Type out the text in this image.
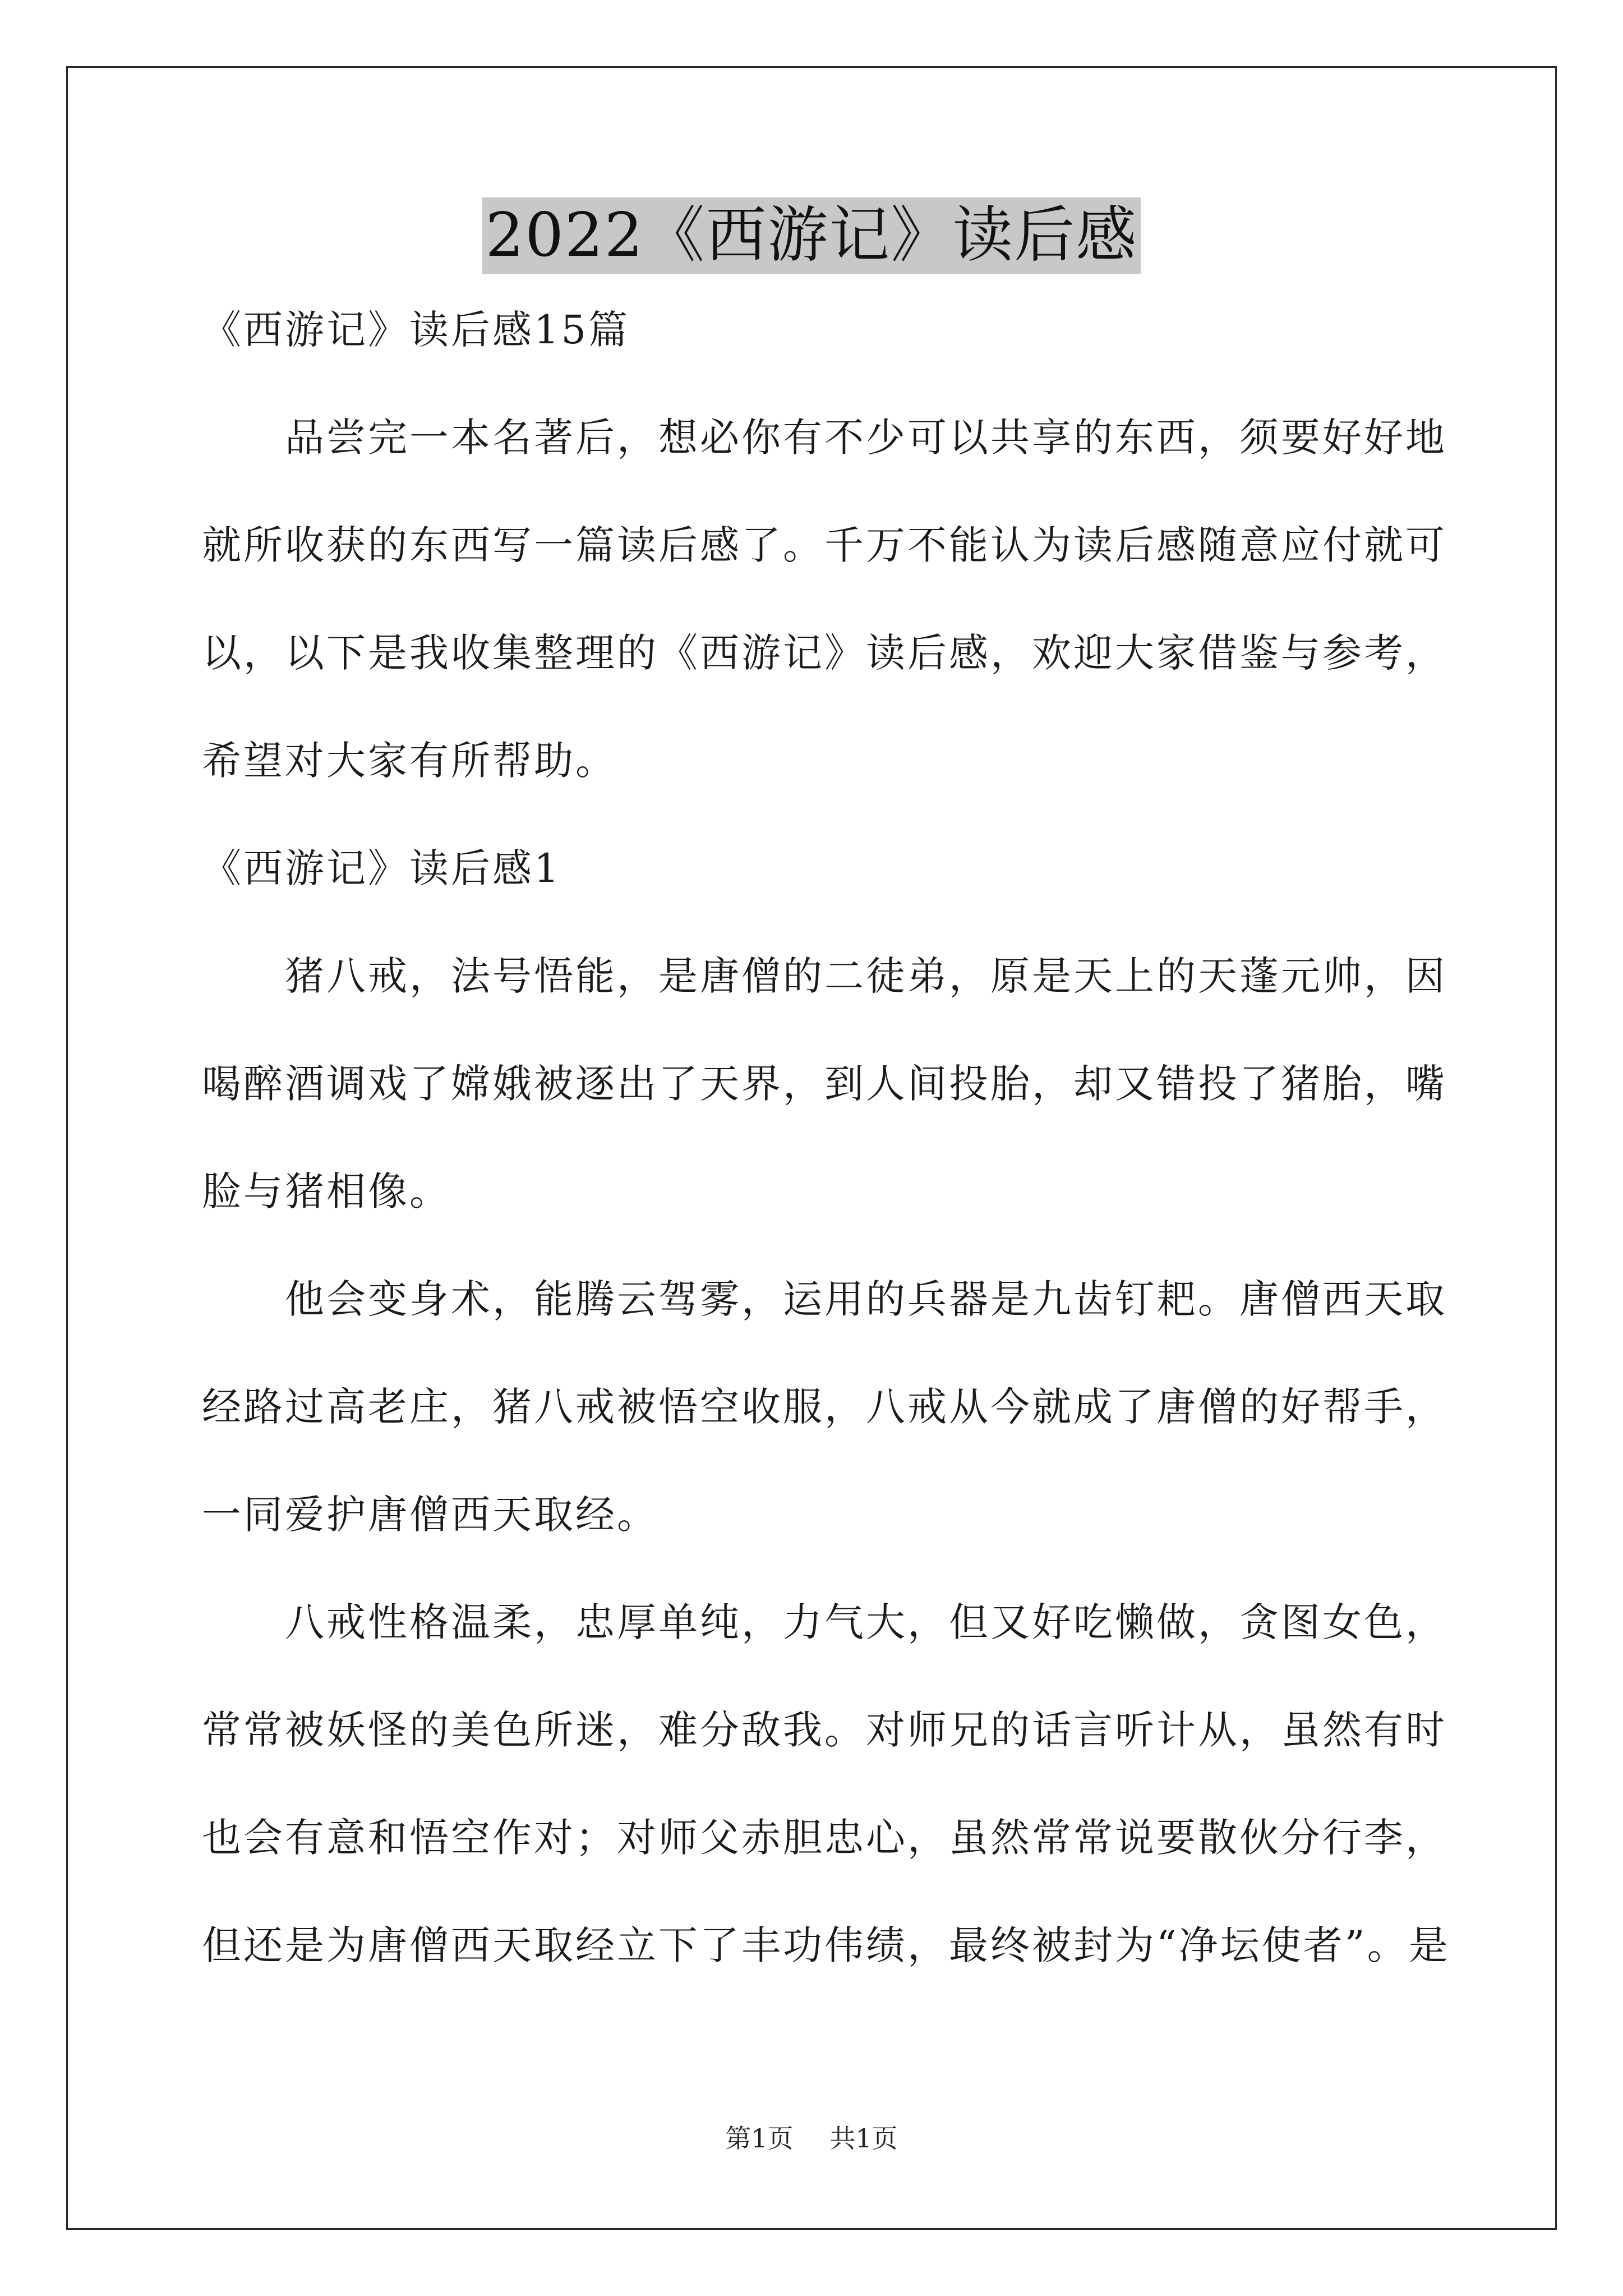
2022《西游记》读后感
《西游记》读后感15篇
品尝完一本名著后，想必你有不少可以共享的东西，须要好好地
就所收获的东西写一篇读后感了。千万不能认为读后感随意应付就可
以，以下是我收集整理的《西游记》读后感，欢迎大家借鉴与参考，
希望对大家有所帮助。
《西游记》读后感1
猪八戒，法号悟能，是唐僧的二徒弟，原是天上的天蓬元帅，因
喝醉酒调戏了嫦娥被逐出了天界，到人间投胎，却又错投了猪胎，嘴
脸与猪相像。
他会变身术，能腾云驾雾，运用的兵器是九齿钉耙。唐僧西天取
经路过高老庄，猪八戒被悟空收服，八戒从今就成了唐僧的好帮手，
一同爱护唐僧西天取经。
八戒性格温柔，忠厚单纯，力气大，但又好吃懒做，贪图女色，
常常被妖怪的美色所迷，难分敌我。对师兄的话言听计从，虽然有时
也会有意和悟空作对；对师父赤胆忠心，虽然常常说要散伙分行李，
但还是为唐僧西天取经立下了丰功伟绩，最终被封为“净坛使者”。是
第1页 共1页
